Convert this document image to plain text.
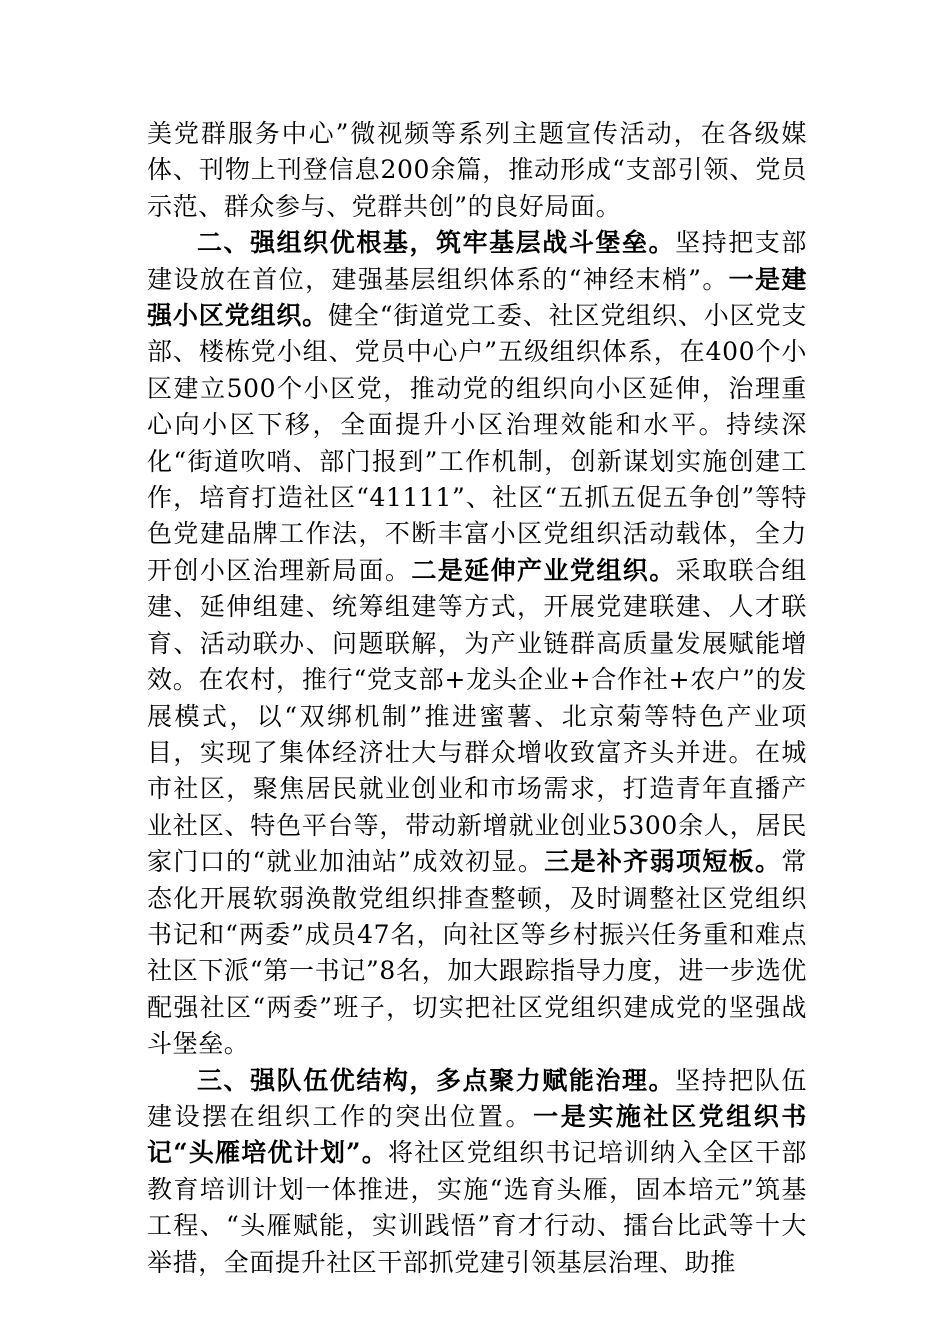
美党群服务中心”微视频等系列主题宣传活动，在各级媒体、刊物上刊登信息200余篇，推动形成“支部引领、党员示范、群众参与、党群共创”的良好局面。

二、强组织优根基，筑牢基层战斗堡垒。坚持把支部建设放在首位，建强基层组织体系的“神经末梢”。一是建强小区党组织。健全“街道党工委、社区党组织、小区党支部、楼栋党小组、党员中心户”五级组织体系，在400个小区建立500个小区党，推动党的组织向小区延伸，治理重心向小区下移，全面提升小区治理效能和水平。持续深化“街道吹哨、部门报到”工作机制，创新谋划实施创建工作，培育打造社区“41111”、社区“五抓五促五争创”等特色党建品牌工作法，不断丰富小区党组织活动载体，全力开创小区治理新局面。二是延伸产业党组织。采取联合组建、延伸组建、统筹组建等方式，开展党建联建、人才联育、活动联办、问题联解，为产业链群高质量发展赋能增效。在农村，推行“党支部+龙头企业+合作社+农户”的发展模式，以“双绑机制”推进蜜薯、北京菊等特色产业项目，实现了集体经济壮大与群众增收致富齐头并进。在城市社区，聚焦居民就业创业和市场需求，打造青年直播产业社区、特色平台等，带动新增就业创业5300余人，居民家门口的“就业加油站”成效初显。三是补齐弱项短板。常态化开展软弱涣散党组织排查整顿，及时调整社区党组织书记和“两委”成员47名，向社区等乡村振兴任务重和难点社区下派“第一书记”8名，加大跟踪指导力度，进一步选优配强社区“两委”班子，切实把社区党组织建成党的坚强战斗堡垒。

三、强队伍优结构，多点聚力赋能治理。坚持把队伍建设摆在组织工作的突出位置。一是实施社区党组织书记“头雁培优计划”。将社区党组织书记培训纳入全区干部教育培训计划一体推进，实施“选育头雁，固本培元”筑基工程、“头雁赋能，实训践悟”育才行动、擂台比武等十大举措，全面提升社区干部抓党建引领基层治理、助推
